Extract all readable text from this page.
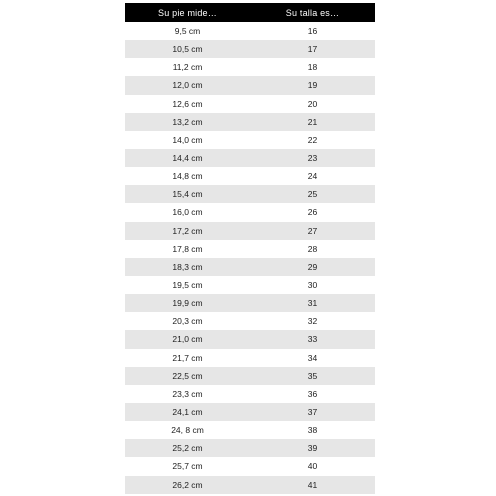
Su pie mide…	Su talla es…
9,5 cm	16
10,5 cm	17
11,2 cm	18
12,0 cm	19
12,6 cm	20
13,2 cm	21
14,0 cm	22
14,4 cm	23
14,8 cm	24
15,4 cm	25
16,0 cm	26
17,2 cm	27
17,8 cm	28
18,3 cm	29
19,5 cm	30
19,9 cm	31
20,3 cm	32
21,0 cm	33
21,7 cm	34
22,5 cm	35
23,3 cm	36
24,1 cm	37
24, 8 cm	38
25,2 cm	39
25,7 cm	40
26,2 cm	41
